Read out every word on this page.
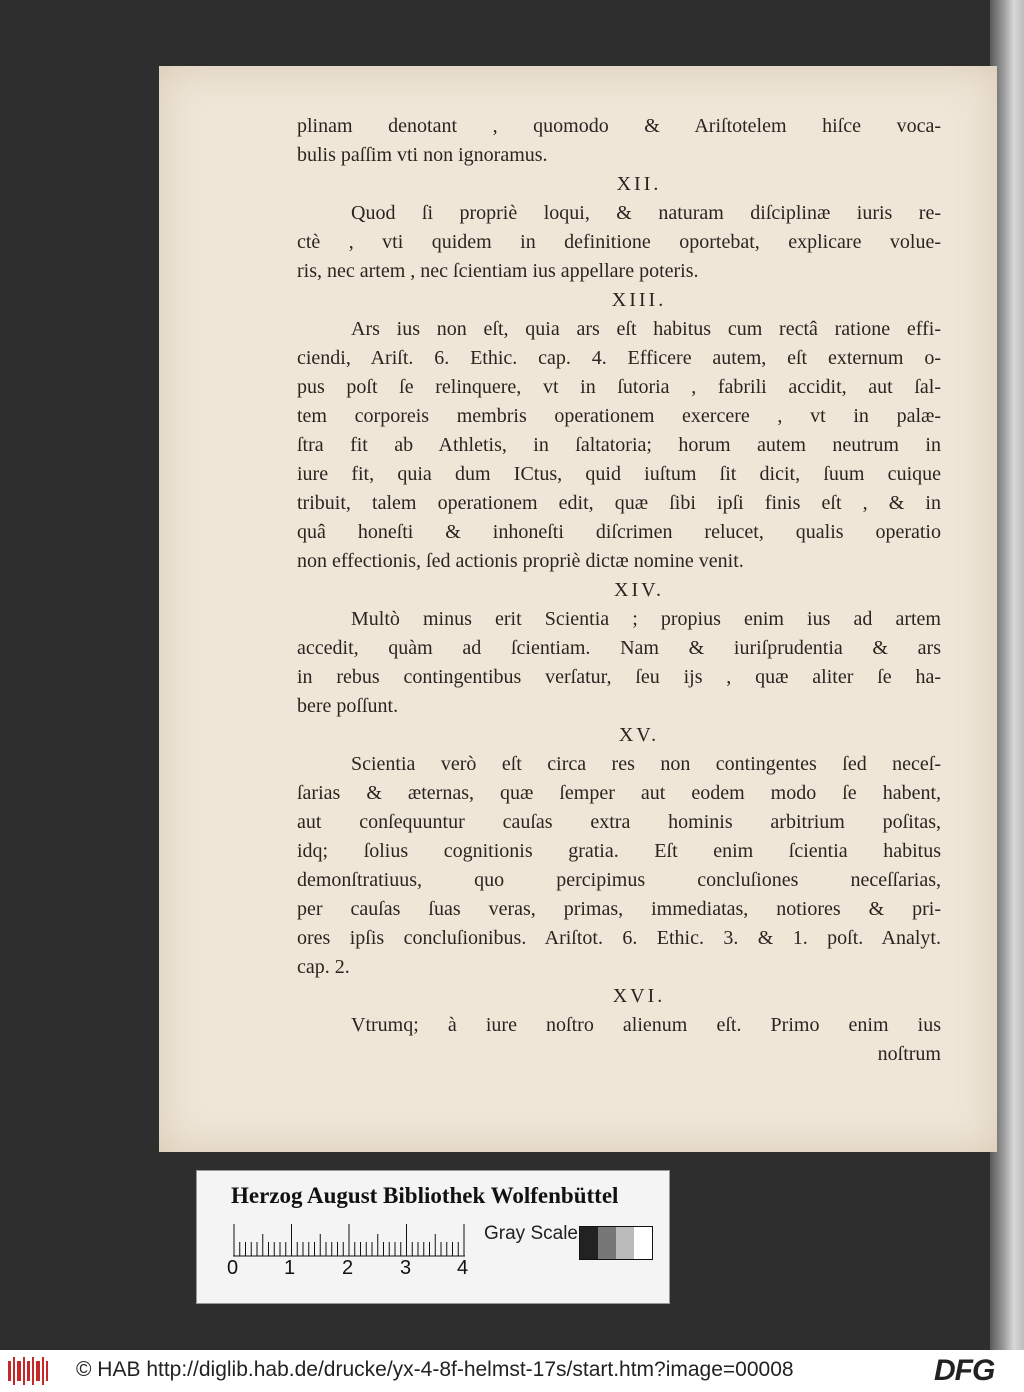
plinam denotant , quomodo & Ariſtotelem hiſce voca-
bulis paſſim vti non ignoramus.
XII.
Quod ſi propriè loqui, & naturam diſciplinæ iuris re-
ctè , vti quidem in definitione oportebat, explicare volue-
ris, nec artem , nec ſcientiam ius appellare poteris.
XIII.
Ars ius non eſt, quia ars eſt habitus cum rectâ ratione effi-
ciendi, Ariſt. 6. Ethic. cap. 4. Efficere autem, eſt externum o-
pus poſt ſe relinquere, vt in ſutoria , fabrili accidit, aut ſal-
tem corporeis membris operationem exercere , vt in palæ-
ſtra fit ab Athletis, in ſaltatoria; horum autem neutrum in
iure fit, quia dum ICtus, quid iuſtum ſit dicit, ſuum cuique
tribuit, talem operationem edit, quæ ſibi ipſi finis eſt , & in
quâ honeſti & inhoneſti diſcrimen relucet, qualis operatio
non effectionis, ſed actionis propriè dictæ nomine venit.
XIV.
Multò minus erit Scientia ; propius enim ius ad artem
accedit, quàm ad ſcientiam. Nam & iuriſprudentia & ars
in rebus contingentibus verſatur, ſeu ijs , quæ aliter ſe ha-
bere poſſunt.
XV.
Scientia verò eſt circa res non contingentes ſed neceſ-
ſarias & æternas, quæ ſemper aut eodem modo ſe habent,
aut conſequuntur cauſas extra hominis arbitrium poſitas,
idq; ſolius cognitionis gratia. Eſt enim ſcientia habitus
demonſtratiuus, quo percipimus concluſiones neceſſarias,
per cauſas ſuas veras, primas, immediatas, notiores & pri-
ores ipſis concluſionibus. Ariſtot. 6. Ethic. 3. & 1. poſt. Analyt.
cap. 2.
XVI.
Vtrumq; à iure noſtro alienum eſt. Primo enim ius
noſtrum
Herzog August Bibliothek Wolfenbüttel
0 1 2 3 4
Gray Scale
© HAB http://diglib.hab.de/drucke/yx-4-8f-helmst-17s/start.htm?image=00008	DFG
